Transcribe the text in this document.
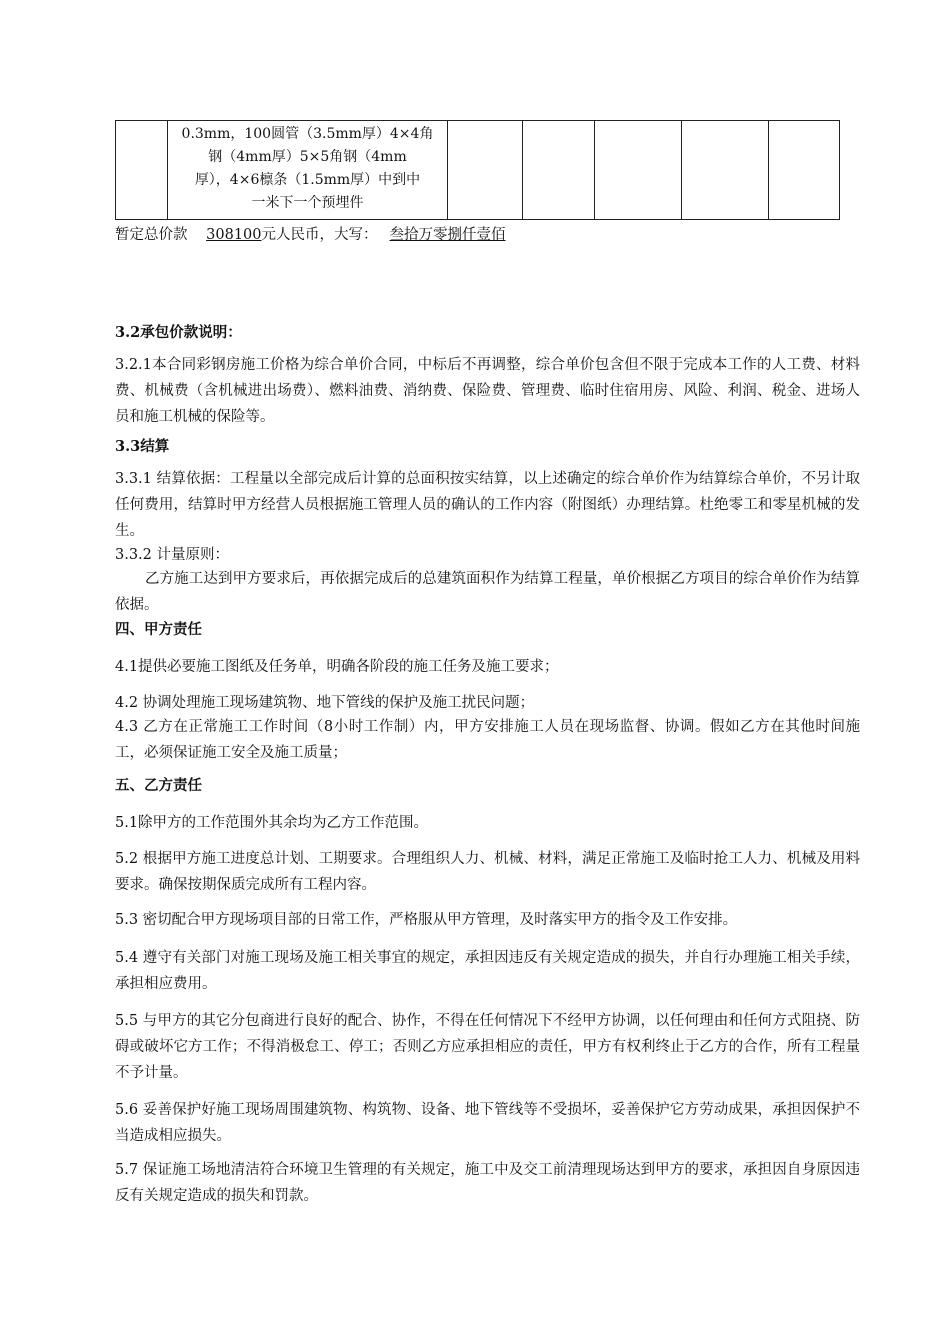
0.3mm，100圆管（3.5mm厚）4×4角
钢（4mm厚）5×5角钢（4mm
厚），4×6檩条（1.5mm厚）中到中
一米下一个预埋件

暂定总价款 308100元人民币，大写： 叁拾万零捌仟壹佰
3.2承包价款说明：
3.2.1本合同彩钢房施工价格为综合单价合同，中标后不再调整，综合单价包含但不限于完成本工作的人工费、材料费、机械费（含机械进出场费）、燃料油费、消纳费、保险费、管理费、临时住宿用房、风险、利润、税金、进场人员和施工机械的保险等。
3.3结算
3.3.1 结算依据：工程量以全部完成后计算的总面积按实结算，以上述确定的综合单价作为结算综合单价，不另计取任何费用，结算时甲方经营人员根据施工管理人员的确认的工作内容（附图纸）办理结算。杜绝零工和零星机械的发生。
3.3.2 计量原则：
乙方施工达到甲方要求后，再依据完成后的总建筑面积作为结算工程量，单价根据乙方项目的综合单价作为结算依据。
四、甲方责任
4.1提供必要施工图纸及任务单，明确各阶段的施工任务及施工要求；
4.2 协调处理施工现场建筑物、地下管线的保护及施工扰民问题；
4.3 乙方在正常施工工作时间（8小时工作制）内，甲方安排施工人员在现场监督、协调。假如乙方在其他时间施工，必须保证施工安全及施工质量；
五、乙方责任
5.1除甲方的工作范围外其余均为乙方工作范围。
5.2 根据甲方施工进度总计划、工期要求。合理组织人力、机械、材料，满足正常施工及临时抢工人力、机械及用料要求。确保按期保质完成所有工程内容。
5.3 密切配合甲方现场项目部的日常工作，严格服从甲方管理，及时落实甲方的指令及工作安排。
5.4 遵守有关部门对施工现场及施工相关事宜的规定，承担因违反有关规定造成的损失，并自行办理施工相关手续，承担相应费用。
5.5 与甲方的其它分包商进行良好的配合、协作，不得在任何情况下不经甲方协调，以任何理由和任何方式阻挠、防碍或破坏它方工作；不得消极怠工、停工；否则乙方应承担相应的责任，甲方有权利终止于乙方的合作，所有工程量不予计量。
5.6 妥善保护好施工现场周围建筑物、构筑物、设备、地下管线等不受损坏，妥善保护它方劳动成果，承担因保护不当造成相应损失。
5.7 保证施工场地清洁符合环境卫生管理的有关规定，施工中及交工前清理现场达到甲方的要求，承担因自身原因违反有关规定造成的损失和罚款。
